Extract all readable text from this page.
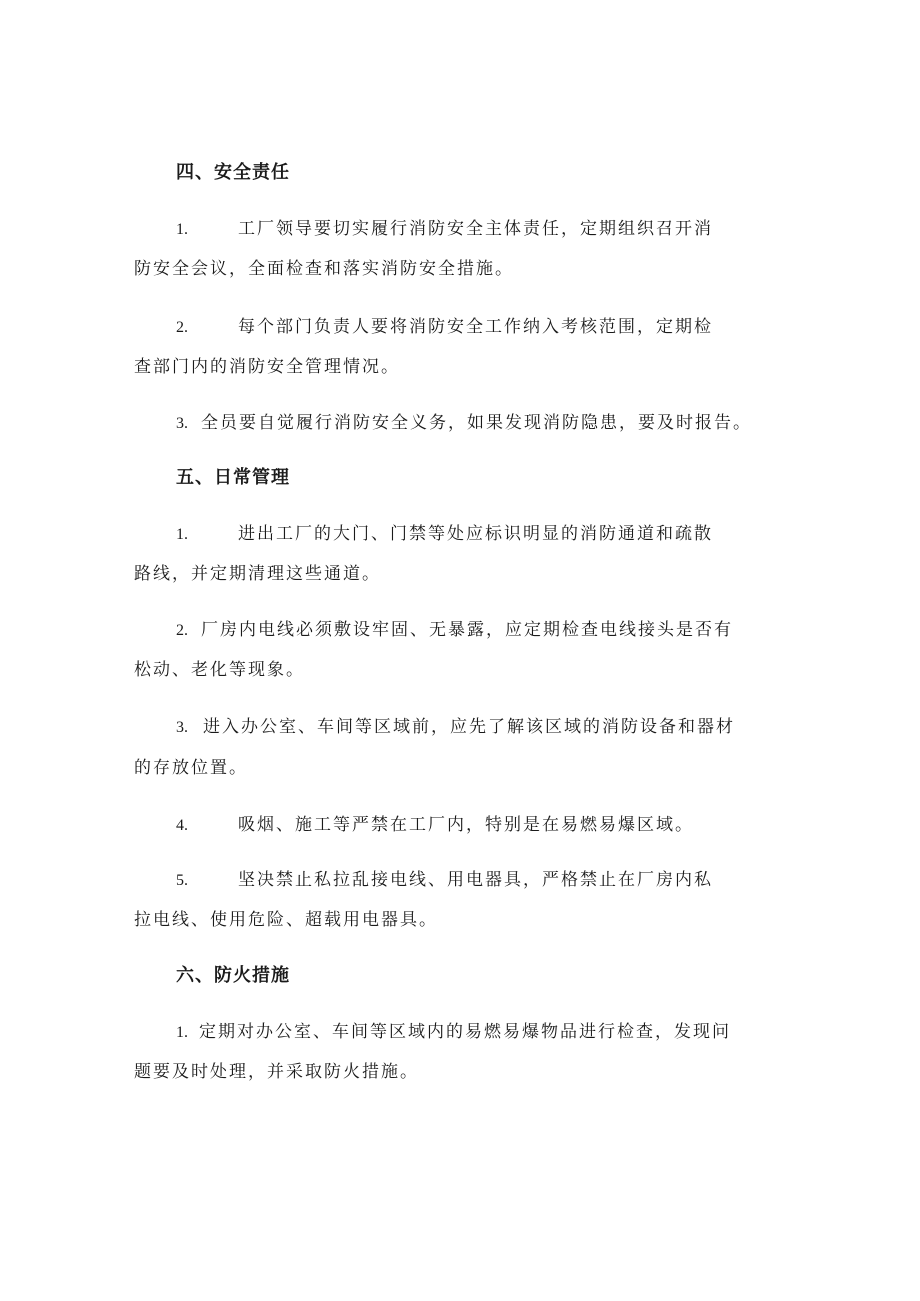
四、安全责任
1.	工厂领导要切实履行消防安全主体责任，定期组织召开消
防安全会议，全面检查和落实消防安全措施。
2.	每个部门负责人要将消防安全工作纳入考核范围，定期检
查部门内的消防安全管理情况。
3. 全员要自觉履行消防安全义务，如果发现消防隐患，要及时报告。
五、日常管理
1.	进出工厂的大门、门禁等处应标识明显的消防通道和疏散
路线，并定期清理这些通道。
2. 厂房内电线必须敷设牢固、无暴露，应定期检查电线接头是否有
松动、老化等现象。
3. 进入办公室、车间等区域前，应先了解该区域的消防设备和器材
的存放位置。
4.	吸烟、施工等严禁在工厂内，特别是在易燃易爆区域。
5.	坚决禁止私拉乱接电线、用电器具，严格禁止在厂房内私
拉电线、使用危险、超载用电器具。
六、防火措施
1. 定期对办公室、车间等区域内的易燃易爆物品进行检查，发现问
题要及时处理，并采取防火措施。
